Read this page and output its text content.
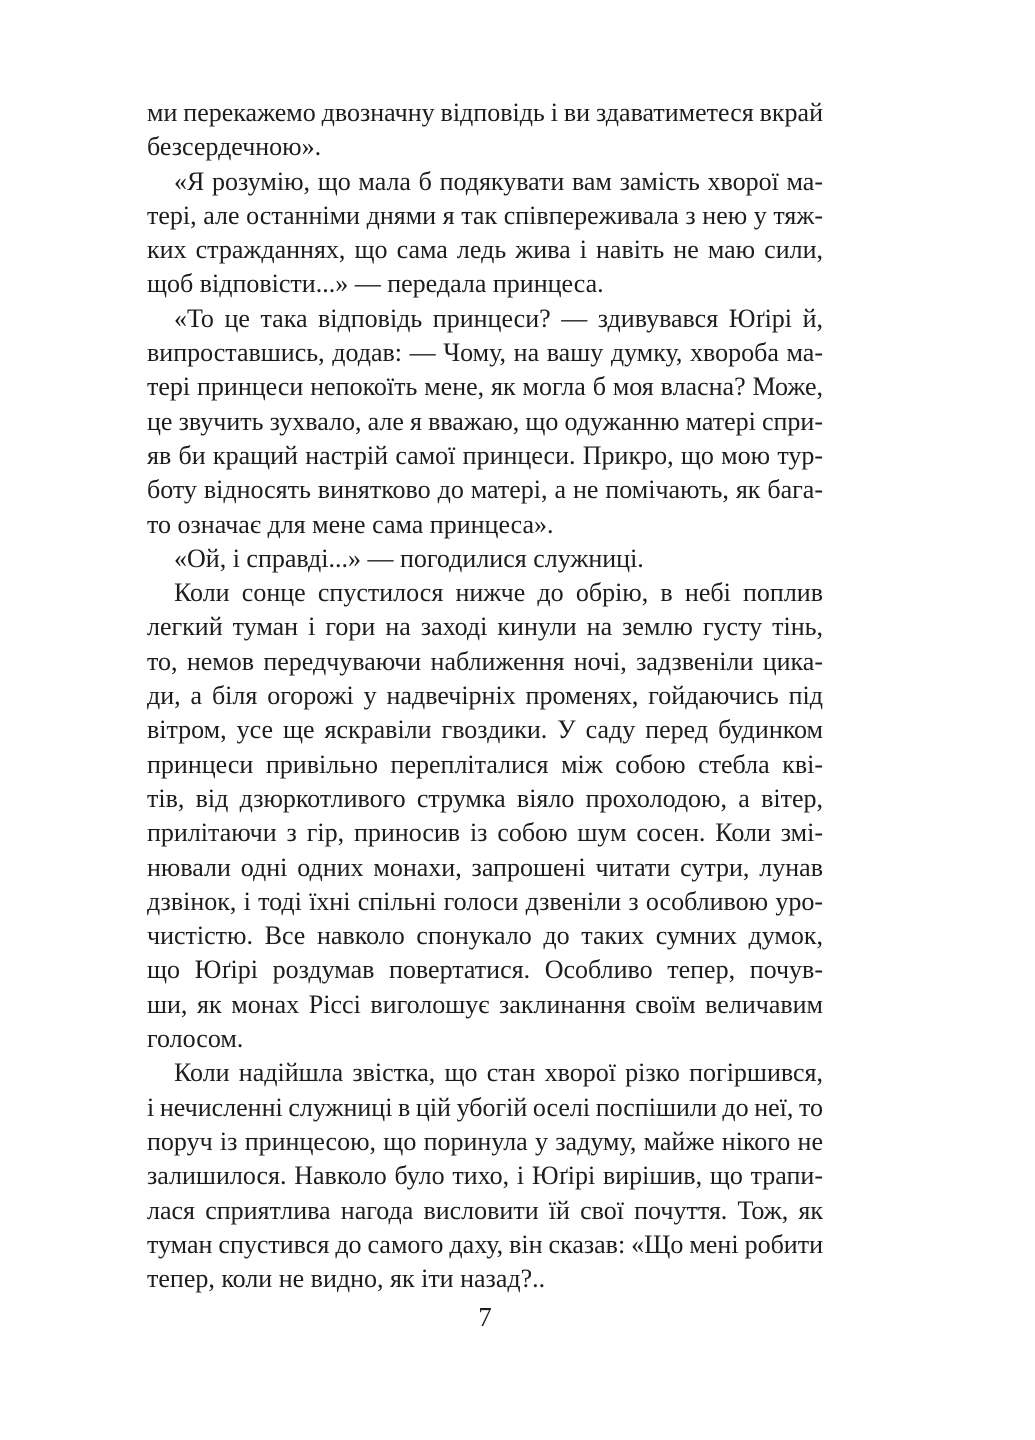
ми перекажемо двозначну відповідь і ви здаватиметеся вкрай
безсердечною».
«Я розумію, що мала б подякувати вам замість хворої ма-
тері, але останніми днями я так співпереживала з нею у тяж-
ких стражданнях, що сама ледь жива і навіть не маю сили,
щоб відповісти...» — передала принцеса.
«То це така відповідь принцеси? — здивувався Юґірі й,
випроставшись, додав: — Чому, на вашу думку, хвороба ма-
тері принцеси непокоїть мене, як могла б моя власна? Може,
це звучить зухвало, але я вважаю, що одужанню матері спри-
яв би кращий настрій самої принцеси. Прикро, що мою тур-
боту відносять винятково до матері, а не помічають, як бага-
то означає для мене сама принцеса».
«Ой, і справді...» — погодилися служниці.
Коли сонце спустилося нижче до обрію, в небі поплив
легкий туман і гори на заході кинули на землю густу тінь,
то, немов передчуваючи наближення ночі, задзвеніли цика-
ди, а біля огорожі у надвечірніх променях, гойдаючись під
вітром, усе ще яскравіли гвоздики. У саду перед будинком
принцеси привільно перепліталися між собою стебла кві-
тів, від дзюркотливого струмка віяло прохолодою, а вітер,
прилітаючи з гір, приносив із собою шум сосен. Коли змі-
нювали одні одних монахи, запрошені читати сутри, лунав
дзвінок, і тоді їхні спільні голоси дзвеніли з особливою уро-
чистістю. Все навколо спонукало до таких сумних думок,
що Юґірі роздумав повертатися. Особливо тепер, почув-
ши, як монах Ріссі виголошує заклинання своїм величавим
голосом.
Коли надійшла звістка, що стан хворої різко погіршився,
і нечисленні служниці в цій убогій оселі поспішили до неї, то
поруч із принцесою, що поринула у задуму, майже нікого не
залишилося. Навколо було тихо, і Юґірі вирішив, що трапи-
лася сприятлива нагода висловити їй свої почуття. Тож, як
туман спустився до самого даху, він сказав: «Що мені робити
тепер, коли не видно, як іти назад?..
7
